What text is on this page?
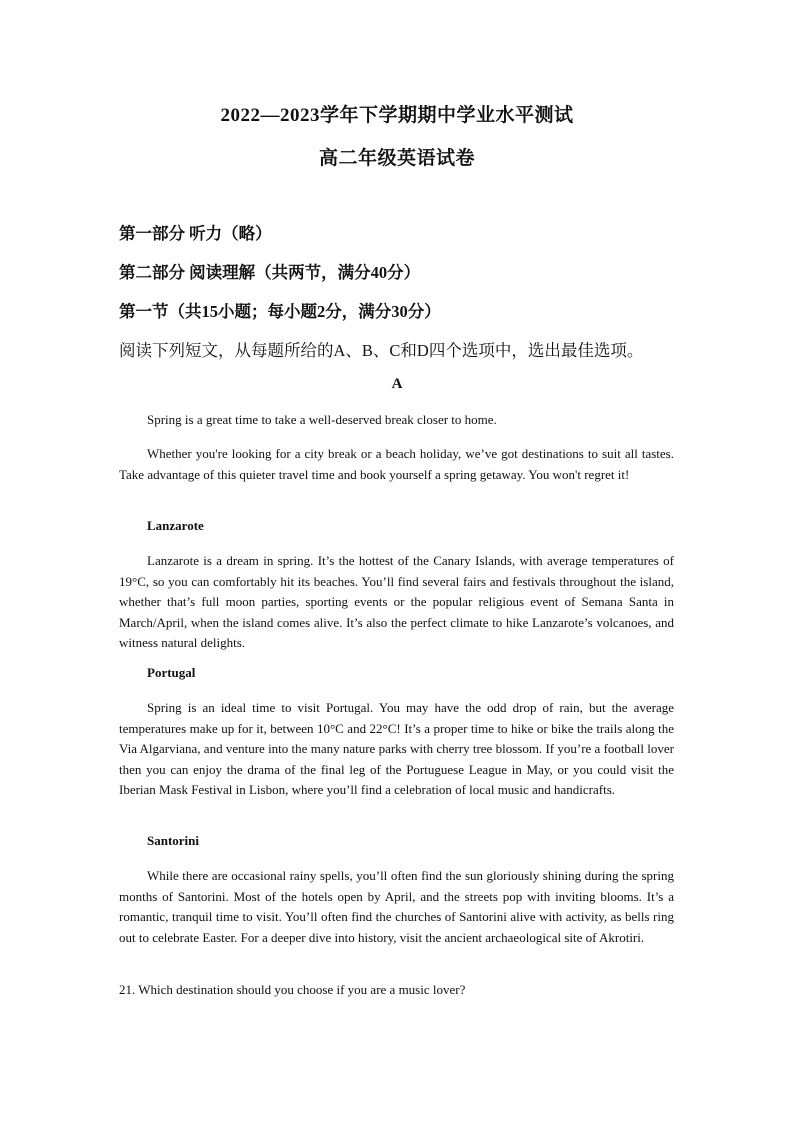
2022—2023学年下学期期中学业水平测试
高二年级英语试卷
第一部分 听力（略）
第二部分 阅读理解（共两节，满分40分）
第一节（共15小题；每小题2分，满分30分）
阅读下列短文，从每题所给的A、B、C和D四个选项中，选出最佳选项。
A
Spring is a great time to take a well-deserved break closer to home.
Whether you're looking for a city break or a beach holiday, we’ve got destinations to suit all tastes. Take advantage of this quieter travel time and book yourself a spring getaway. You won't regret it!
Lanzarote
Lanzarote is a dream in spring. It’s the hottest of the Canary Islands, with average temperatures of 19°C, so you can comfortably hit its beaches. You’ll find several fairs and festivals throughout the island, whether that’s full moon parties, sporting events or the popular religious event of Semana Santa in March/April, when the island comes alive. It’s also the perfect climate to hike Lanzarote’s volcanoes, and witness natural delights.
Portugal
Spring is an ideal time to visit Portugal. You may have the odd drop of rain, but the average temperatures make up for it, between 10°C and 22°C! It’s a proper time to hike or bike the trails along the Via Algarviana, and venture into the many nature parks with cherry tree blossom. If you’re a football lover then you can enjoy the drama of the final leg of the Portuguese League in May, or you could visit the Iberian Mask Festival in Lisbon, where you’ll find a celebration of local music and handicrafts.
Santorini
While there are occasional rainy spells, you’ll often find the sun gloriously shining during the spring months of Santorini. Most of the hotels open by April, and the streets pop with inviting blooms. It’s a romantic, tranquil time to visit. You’ll often find the churches of Santorini alive with activity, as bells ring out to celebrate Easter. For a deeper dive into history, visit the ancient archaeological site of Akrotiri.
21. Which destination should you choose if you are a music lover?
